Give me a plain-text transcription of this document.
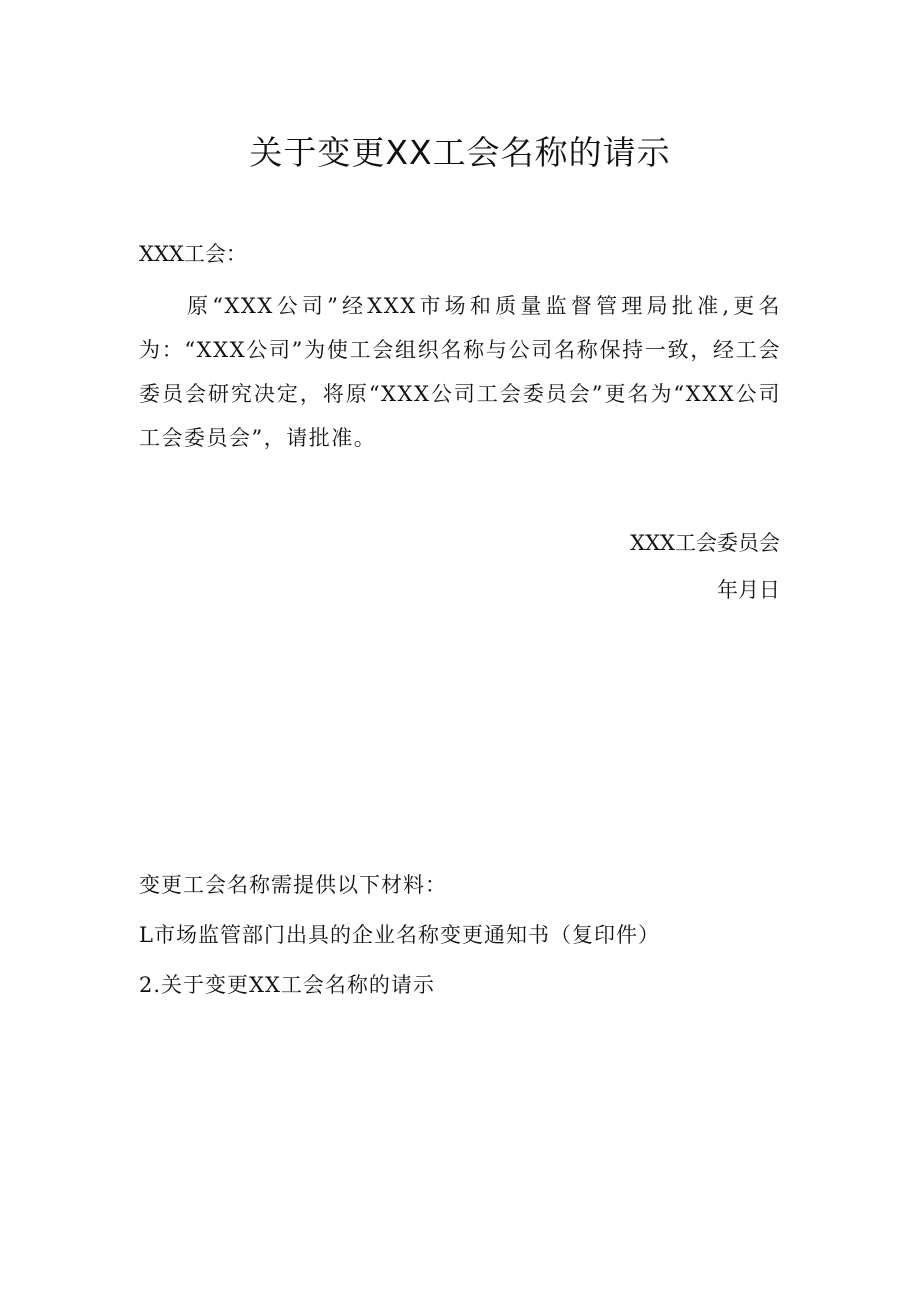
关于变更XX工会名称的请示
XXX工会：

原“XXX公司”经XXX市场和质量监督管理局批准,更名为：“XXX公司”为使工会组织名称与公司名称保持一致，经工会委员会研究决定，将原“XXX公司工会委员会”更名为“XXX公司工会委员会”，请批准。

XXX工会委员会
年月日
变更工会名称需提供以下材料：
L市场监管部门出具的企业名称变更通知书（复印件）
2.关于变更XX工会名称的请示
